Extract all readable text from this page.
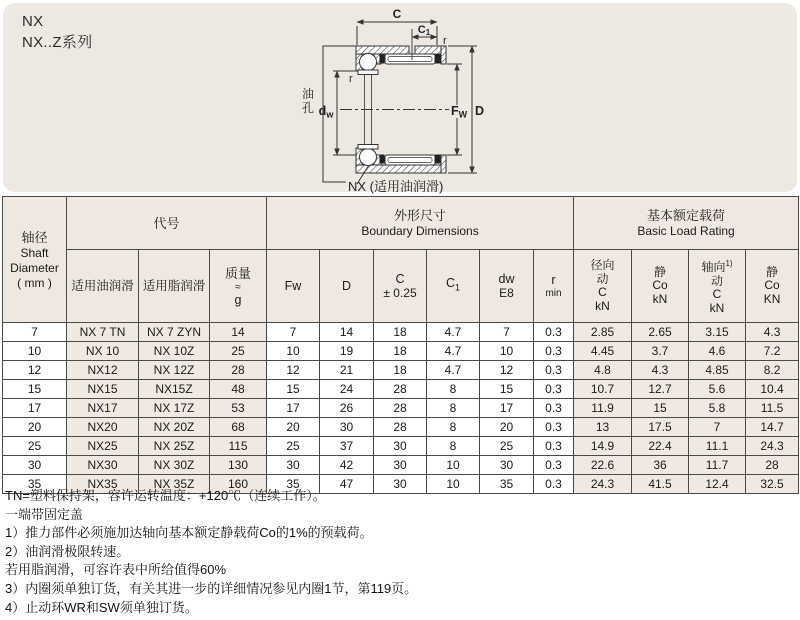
NX
NX..Z系列
C
C1
r
r
油孔 $d_w$	$F_W$ D
NX (适用油润滑)
轴径
Shaft
Diameter
( mm )

代号	外形尺寸
Boundary Dimensions

基本额定载荷
Basic Load Rating

适用油润滑	适用脂润滑

质量
≈
g

Fw	D	C
± 0.25

$C_1$

dw
E8

r
min

径向
动
C
kN

静
Co
kN

轴向$^{1)}$
动
C
kN

静
Co
KN

7	NX 7 TN	NX 7 ZYN	14	7	14	18	4.7	7	0.3	2.85	2.65	3.15	4.3
10	NX 10	NX 10Z	25	10	19	18	4.7	10	0.3	4.45	3.7	4.6	7.2
12	NX12	NX 12Z	28	12	21	18	4.7	12	0.3	4.8	4.3	4.85	8.2
15	NX15	NX15Z	48	15	24	28	8	15	0.3	10.7	12.7	5.6	10.4
17	NX17	NX 17Z	53	17	26	28	8	17	0.3	11.9	15	5.8	11.5
20	NX20	NX 20Z	68	20	30	28	8	20	0.3	13	17.5	7	14.7
25	NX25	NX 25Z	115	25	37	30	8	25	0.3	14.9	22.4	11.1	24.3
30	NX30	NX 30Z	130	30	42	30	10	30	0.3	22.6	36	11.7	28
35	NX35	NX 35Z	160	35	47	30	10	35	0.3	24.3	41.5	12.4	32.5
TN=塑料保持架，容许运转温度：+120℃（连续工作）。
一端带固定盖
1）推力部件必须施加达轴向基本额定静载荷Co的1%的预载荷。
2）油润滑极限转速。
若用脂润滑，可容许表中所给值得60%
3）内圈须单独订货，有关其进一步的详细情况参见内圈1节，第119页。
4）止动环WR和SW须单独订货。
